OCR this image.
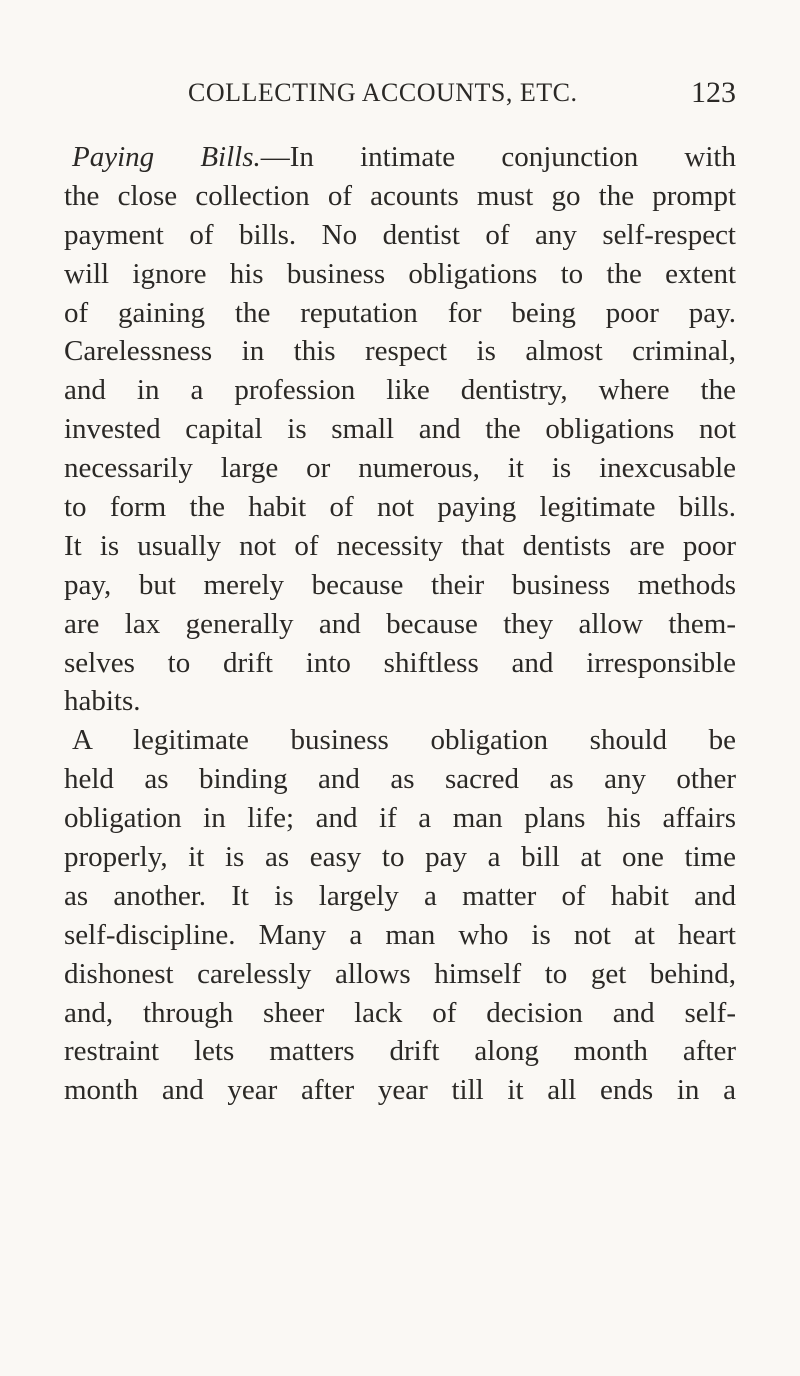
COLLECTING ACCOUNTS, ETC.	123
Paying Bills.—In intimate conjunction with
the close collection of acounts must go the prompt
payment of bills. No dentist of any self-respect
will ignore his business obligations to the extent
of gaining the reputation for being poor pay.
Carelessness in this respect is almost criminal,
and in a profession like dentistry, where the
invested capital is small and the obligations not
necessarily large or numerous, it is inexcusable
to form the habit of not paying legitimate bills.
It is usually not of necessity that dentists are poor
pay, but merely because their business methods
are lax generally and because they allow them-
selves to drift into shiftless and irresponsible
habits.
A legitimate business obligation should be
held as binding and as sacred as any other
obligation in life; and if a man plans his affairs
properly, it is as easy to pay a bill at one time
as another. It is largely a matter of habit and
self-discipline. Many a man who is not at heart
dishonest carelessly allows himself to get behind,
and, through sheer lack of decision and self-
restraint lets matters drift along month after
month and year after year till it all ends in a
